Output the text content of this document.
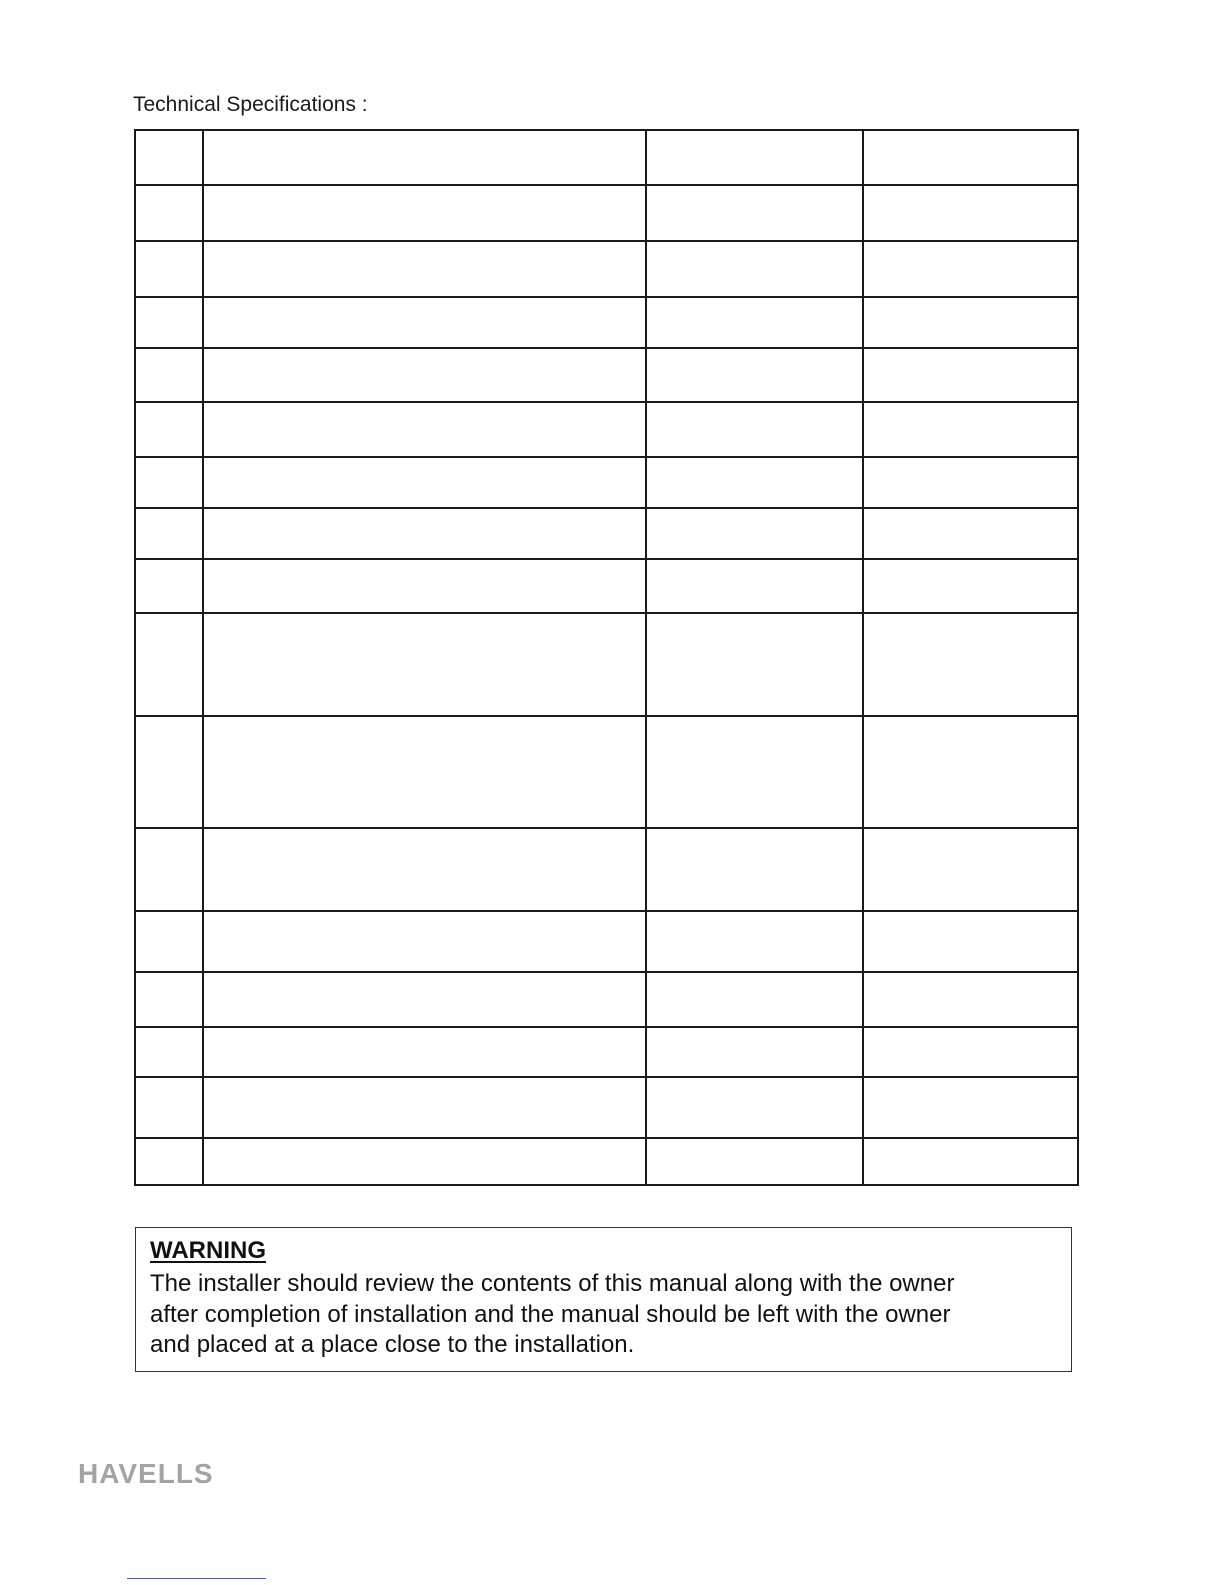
Technical Specifications :

WARNING
The installer should review the contents of this manual along with the owner
after completion of installation and the manual should be left with the owner
and placed at a place close to the installation.
HAVELLS
